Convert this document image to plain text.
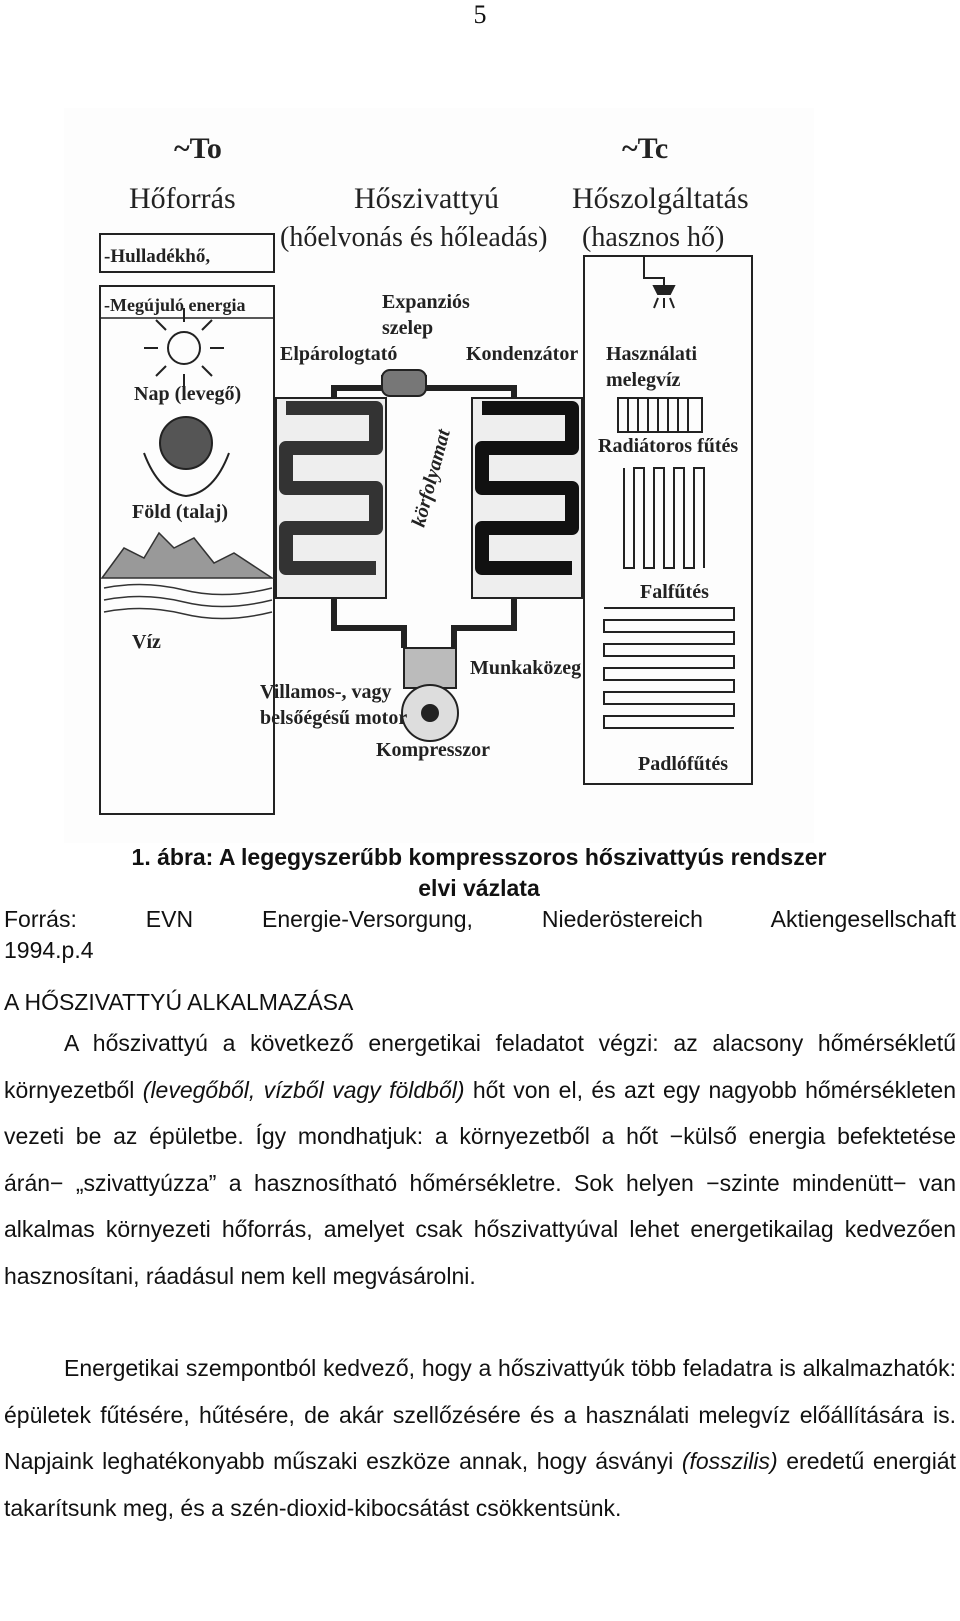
5
~To	~Tc
Hőforrás	Hőszivattyú Hőszolgáltatás
(hőelvonás és hőleadás) (hasznos hő)
-Hulladékhő,
-Megújuló energia
Nap (levegő)
Föld (talaj)
Víz
Expanziós
szelep
Elpárologtató	Kondenzátor
körfolyamat
Munkaközeg
Villamos-, vagy
belsőégésű motor
Kompresszor
Használati
melegvíz
Radiátoros fűtés
Falfűtés
Padlófűtés
1. ábra: A legegyszerűbb kompresszoros hőszivattyús rendszer
elvi vázlata
Forrás: EVN Energie-Versorgung, Niederöstereich Aktiengesellschaft
1994.p.4
A HŐSZIVATTYÚ ALKALMAZÁSA
A hőszivattyú a következő energetikai feladatot végzi: az alacsony hőmérsékletű környezetből (levegőből, vízből vagy földből) hőt von el, és azt egy nagyobb hőmérsékleten vezeti be az épületbe. Így mondhatjuk: a környezetből a hőt −külső energia befektetése árán− „szivattyúzza” a hasznosítható hőmérsékletre. Sok helyen −szinte mindenütt− van alkalmas környezeti hőforrás, amelyet csak hőszivattyúval lehet energetikailag kedvezően hasznosítani, ráadásul nem kell megvásárolni.
Energetikai szempontból kedvező, hogy a hőszivattyúk több feladatra is alkalmazhatók: épületek fűtésére, hűtésére, de akár szellőzésére és a használati melegvíz előállítására is. Napjaink leghatékonyabb műszaki eszköze annak, hogy ásványi (fosszilis) eredetű energiát takarítsunk meg, és a szén-dioxid-kibocsátást csökkentsünk.
